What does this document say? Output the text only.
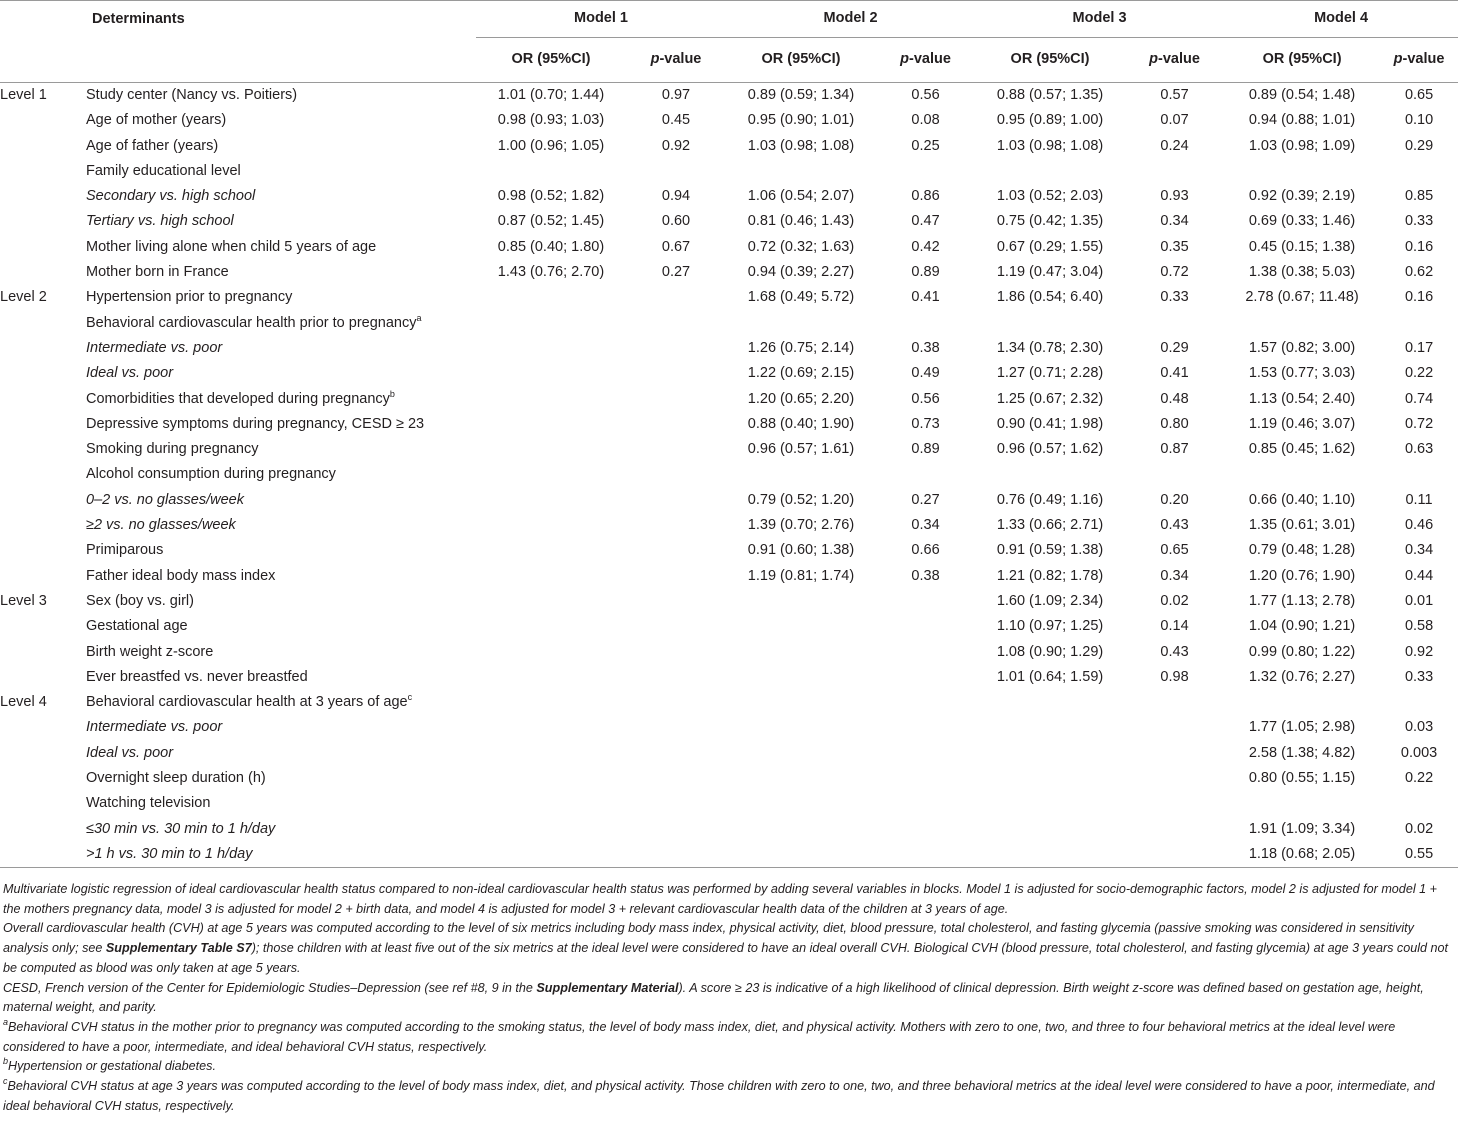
	Determinants	Model 1		Model 2		Model 3		Model 4	
		OR (95%CI)	p-value	OR (95%CI)	p-value	OR (95%CI)	p-value	OR (95%CI)	p-value
Level 1	Study center (Nancy vs. Poitiers)	1.01 (0.70; 1.44)	0.97	0.89 (0.59; 1.34)	0.56	0.88 (0.57; 1.35)	0.57	0.89 (0.54; 1.48)	0.65
	Age of mother (years)	0.98 (0.93; 1.03)	0.45	0.95 (0.90; 1.01)	0.08	0.95 (0.89; 1.00)	0.07	0.94 (0.88; 1.01)	0.10
	Age of father (years)	1.00 (0.96; 1.05)	0.92	1.03 (0.98; 1.08)	0.25	1.03 (0.98; 1.08)	0.24	1.03 (0.98; 1.09)	0.29
	Family educational level								
	Secondary vs. high school	0.98 (0.52; 1.82)	0.94	1.06 (0.54; 2.07)	0.86	1.03 (0.52; 2.03)	0.93	0.92 (0.39; 2.19)	0.85
	Tertiary vs. high school	0.87 (0.52; 1.45)	0.60	0.81 (0.46; 1.43)	0.47	0.75 (0.42; 1.35)	0.34	0.69 (0.33; 1.46)	0.33
	Mother living alone when child 5 years of age	0.85 (0.40; 1.80)	0.67	0.72 (0.32; 1.63)	0.42	0.67 (0.29; 1.55)	0.35	0.45 (0.15; 1.38)	0.16
	Mother born in France	1.43 (0.76; 2.70)	0.27	0.94 (0.39; 2.27)	0.89	1.19 (0.47; 3.04)	0.72	1.38 (0.38; 5.03)	0.62
Level 2	Hypertension prior to pregnancy			1.68 (0.49; 5.72)	0.41	1.86 (0.54; 6.40)	0.33	2.78 (0.67; 11.48)	0.16
	Behavioral cardiovascular health prior to pregnancy$^a$								
	Intermediate vs. poor			1.26 (0.75; 2.14)	0.38	1.34 (0.78; 2.30)	0.29	1.57 (0.82; 3.00)	0.17
	Ideal vs. poor			1.22 (0.69; 2.15)	0.49	1.27 (0.71; 2.28)	0.41	1.53 (0.77; 3.03)	0.22
	Comorbidities that developed during pregnancy$^b$			1.20 (0.65; 2.20)	0.56	1.25 (0.67; 2.32)	0.48	1.13 (0.54; 2.40)	0.74
	Depressive symptoms during pregnancy, CESD ≥ 23			0.88 (0.40; 1.90)	0.73	0.90 (0.41; 1.98)	0.80	1.19 (0.46; 3.07)	0.72
	Smoking during pregnancy			0.96 (0.57; 1.61)	0.89	0.96 (0.57; 1.62)	0.87	0.85 (0.45; 1.62)	0.63
	Alcohol consumption during pregnancy								
	0–2 vs. no glasses/week			0.79 (0.52; 1.20)	0.27	0.76 (0.49; 1.16)	0.20	0.66 (0.40; 1.10)	0.11
	≥2 vs. no glasses/week			1.39 (0.70; 2.76)	0.34	1.33 (0.66; 2.71)	0.43	1.35 (0.61; 3.01)	0.46
	Primiparous			0.91 (0.60; 1.38)	0.66	0.91 (0.59; 1.38)	0.65	0.79 (0.48; 1.28)	0.34
	Father ideal body mass index			1.19 (0.81; 1.74)	0.38	1.21 (0.82; 1.78)	0.34	1.20 (0.76; 1.90)	0.44
Level 3	Sex (boy vs. girl)					1.60 (1.09; 2.34)	0.02	1.77 (1.13; 2.78)	0.01
	Gestational age					1.10 (0.97; 1.25)	0.14	1.04 (0.90; 1.21)	0.58
	Birth weight z-score					1.08 (0.90; 1.29)	0.43	0.99 (0.80; 1.22)	0.92
	Ever breastfed vs. never breastfed					1.01 (0.64; 1.59)	0.98	1.32 (0.76; 2.27)	0.33
Level 4	Behavioral cardiovascular health at 3 years of age$^c$								
	Intermediate vs. poor							1.77 (1.05; 2.98)	0.03
	Ideal vs. poor							2.58 (1.38; 4.82)	0.003
	Overnight sleep duration (h)							0.80 (0.55; 1.15)	0.22
	Watching television								
	≤30 min vs. 30 min to 1 h/day							1.91 (1.09; 3.34)	0.02
	>1 h vs. 30 min to 1 h/day							1.18 (0.68; 2.05)	0.55

Multivariate logistic regression of ideal cardiovascular health status compared to non-ideal cardiovascular health status was performed by adding several variables in blocks. Model 1 is adjusted for socio-demographic factors, model 2 is adjusted for model 1 + the mothers pregnancy data, model 3 is adjusted for model 2 + birth data, and model 4 is adjusted for model 3 + relevant cardiovascular health data of the children at 3 years of age.

Overall cardiovascular health (CVH) at age 5 years was computed according to the level of six metrics including body mass index, physical activity, diet, blood pressure, total cholesterol, and fasting glycemia (passive smoking was considered in sensitivity analysis only; see Supplementary Table S7); those children with at least five out of the six metrics at the ideal level were considered to have an ideal overall CVH. Biological CVH (blood pressure, total cholesterol, and fasting glycemia) at age 3 years could not be computed as blood was only taken at age 5 years.

CESD, French version of the Center for Epidemiologic Studies–Depression (see ref #8, 9 in the Supplementary Material). A score ≥ 23 is indicative of a high likelihood of clinical depression. Birth weight z-score was defined based on gestation age, height, maternal weight, and parity.

$^a$Behavioral CVH status in the mother prior to pregnancy was computed according to the smoking status, the level of body mass index, diet, and physical activity. Mothers with zero to one, two, and three to four behavioral metrics at the ideal level were considered to have a poor, intermediate, and ideal behavioral CVH status, respectively.

$^b$Hypertension or gestational diabetes.

$^c$Behavioral CVH status at age 3 years was computed according to the level of body mass index, diet, and physical activity. Those children with zero to one, two, and three behavioral metrics at the ideal level were considered to have a poor, intermediate, and ideal behavioral CVH status, respectively.
